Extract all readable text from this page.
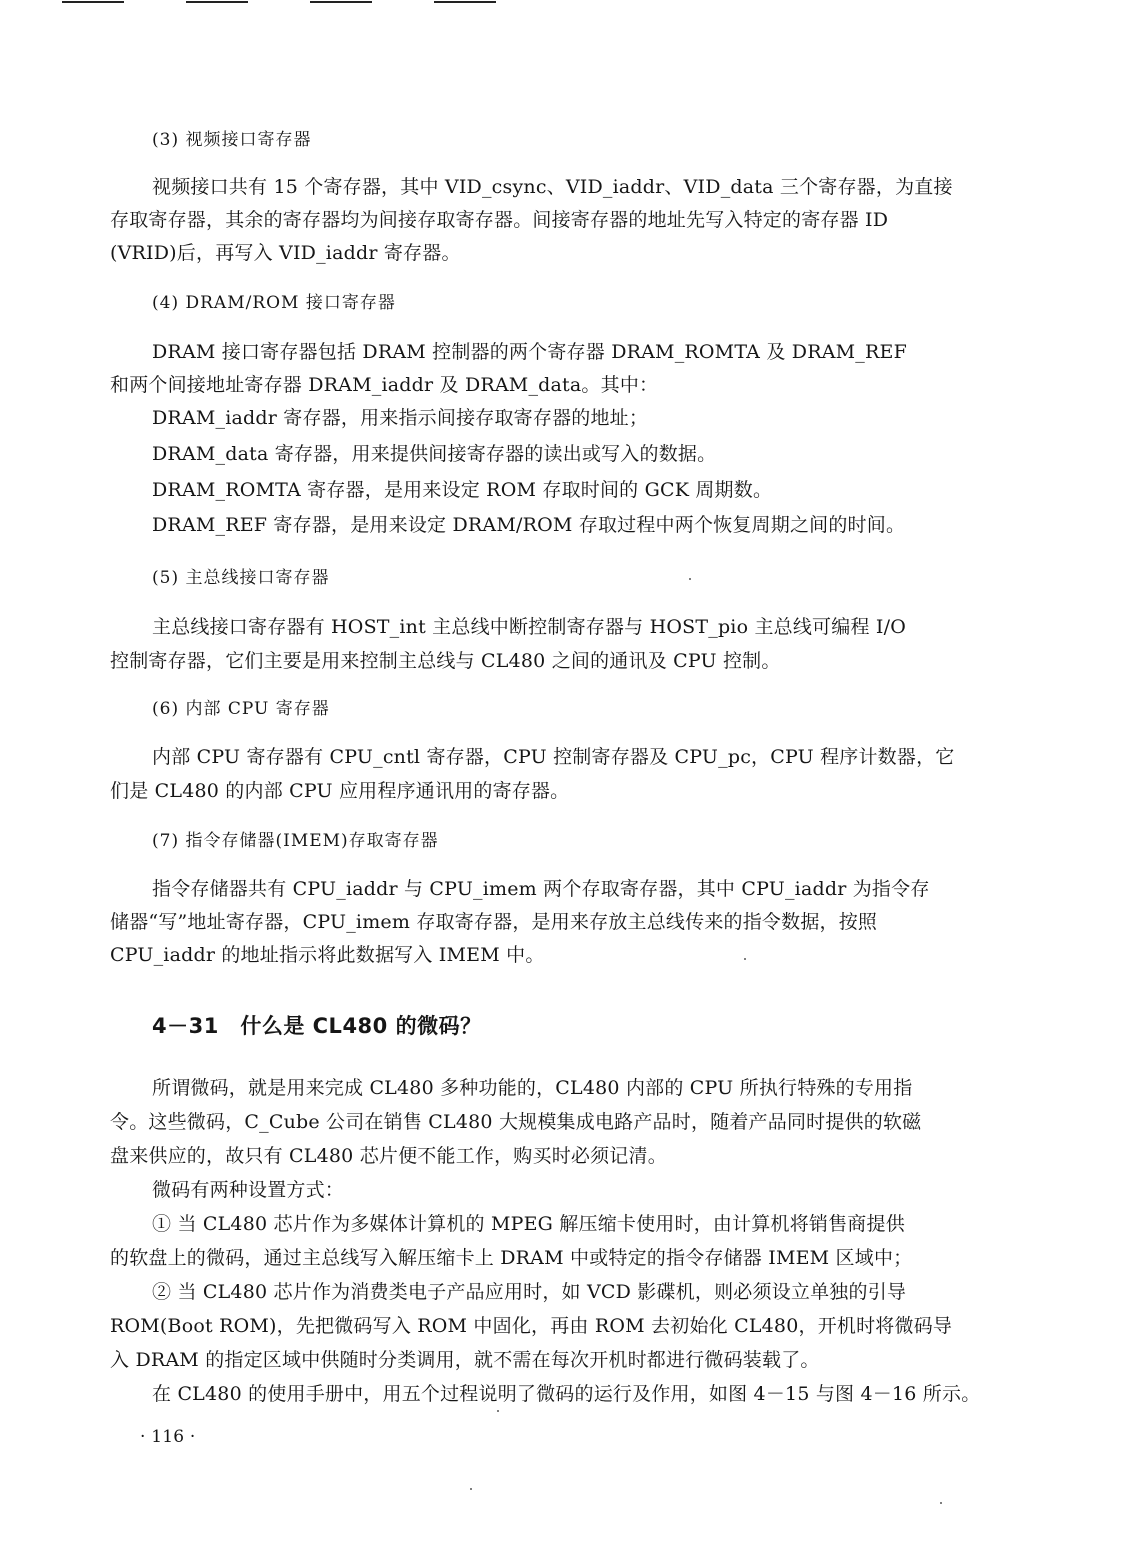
(3) 视频接口寄存器
视频接口共有 15 个寄存器，其中 VID_csync、VID_iaddr、VID_data 三个寄存器，为直接
存取寄存器，其余的寄存器均为间接存取寄存器。间接寄存器的地址先写入特定的寄存器 ID
(VRID)后，再写入 VID_iaddr 寄存器。
(4) DRAM/ROM 接口寄存器
DRAM 接口寄存器包括 DRAM 控制器的两个寄存器 DRAM_ROMTA 及 DRAM_REF
和两个间接地址寄存器 DRAM_iaddr 及 DRAM_data。其中：
DRAM_iaddr 寄存器，用来指示间接存取寄存器的地址；
DRAM_data 寄存器，用来提供间接寄存器的读出或写入的数据。
DRAM_ROMTA 寄存器，是用来设定 ROM 存取时间的 GCK 周期数。
DRAM_REF 寄存器，是用来设定 DRAM/ROM 存取过程中两个恢复周期之间的时间。
(5) 主总线接口寄存器
主总线接口寄存器有 HOST_int 主总线中断控制寄存器与 HOST_pio 主总线可编程 I/O
控制寄存器，它们主要是用来控制主总线与 CL480 之间的通讯及 CPU 控制。
(6) 内部 CPU 寄存器
内部 CPU 寄存器有 CPU_cntl 寄存器，CPU 控制寄存器及 CPU_pc，CPU 程序计数器，它
们是 CL480 的内部 CPU 应用程序通讯用的寄存器。
(7) 指令存储器(IMEM)存取寄存器
指令存储器共有 CPU_iaddr 与 CPU_imem 两个存取寄存器，其中 CPU_iaddr 为指令存
储器“写”地址寄存器，CPU_imem 存取寄存器，是用来存放主总线传来的指令数据，按照
CPU_iaddr 的地址指示将此数据写入 IMEM 中。
4－31　什么是 CL480 的微码？
所谓微码，就是用来完成 CL480 多种功能的，CL480 内部的 CPU 所执行特殊的专用指
令。这些微码，C_Cube 公司在销售 CL480 大规模集成电路产品时，随着产品同时提供的软磁
盘来供应的，故只有 CL480 芯片便不能工作，购买时必须记清。
微码有两种设置方式：
① 当 CL480 芯片作为多媒体计算机的 MPEG 解压缩卡使用时，由计算机将销售商提供
的软盘上的微码，通过主总线写入解压缩卡上 DRAM 中或特定的指令存储器 IMEM 区域中；
② 当 CL480 芯片作为消费类电子产品应用时，如 VCD 影碟机，则必须设立单独的引导
ROM(Boot ROM)，先把微码写入 ROM 中固化，再由 ROM 去初始化 CL480，开机时将微码导
入 DRAM 的指定区域中供随时分类调用，就不需在每次开机时都进行微码装载了。
在 CL480 的使用手册中，用五个过程说明了微码的运行及作用，如图 4－15 与图 4－16 所示。
· 116 ·
